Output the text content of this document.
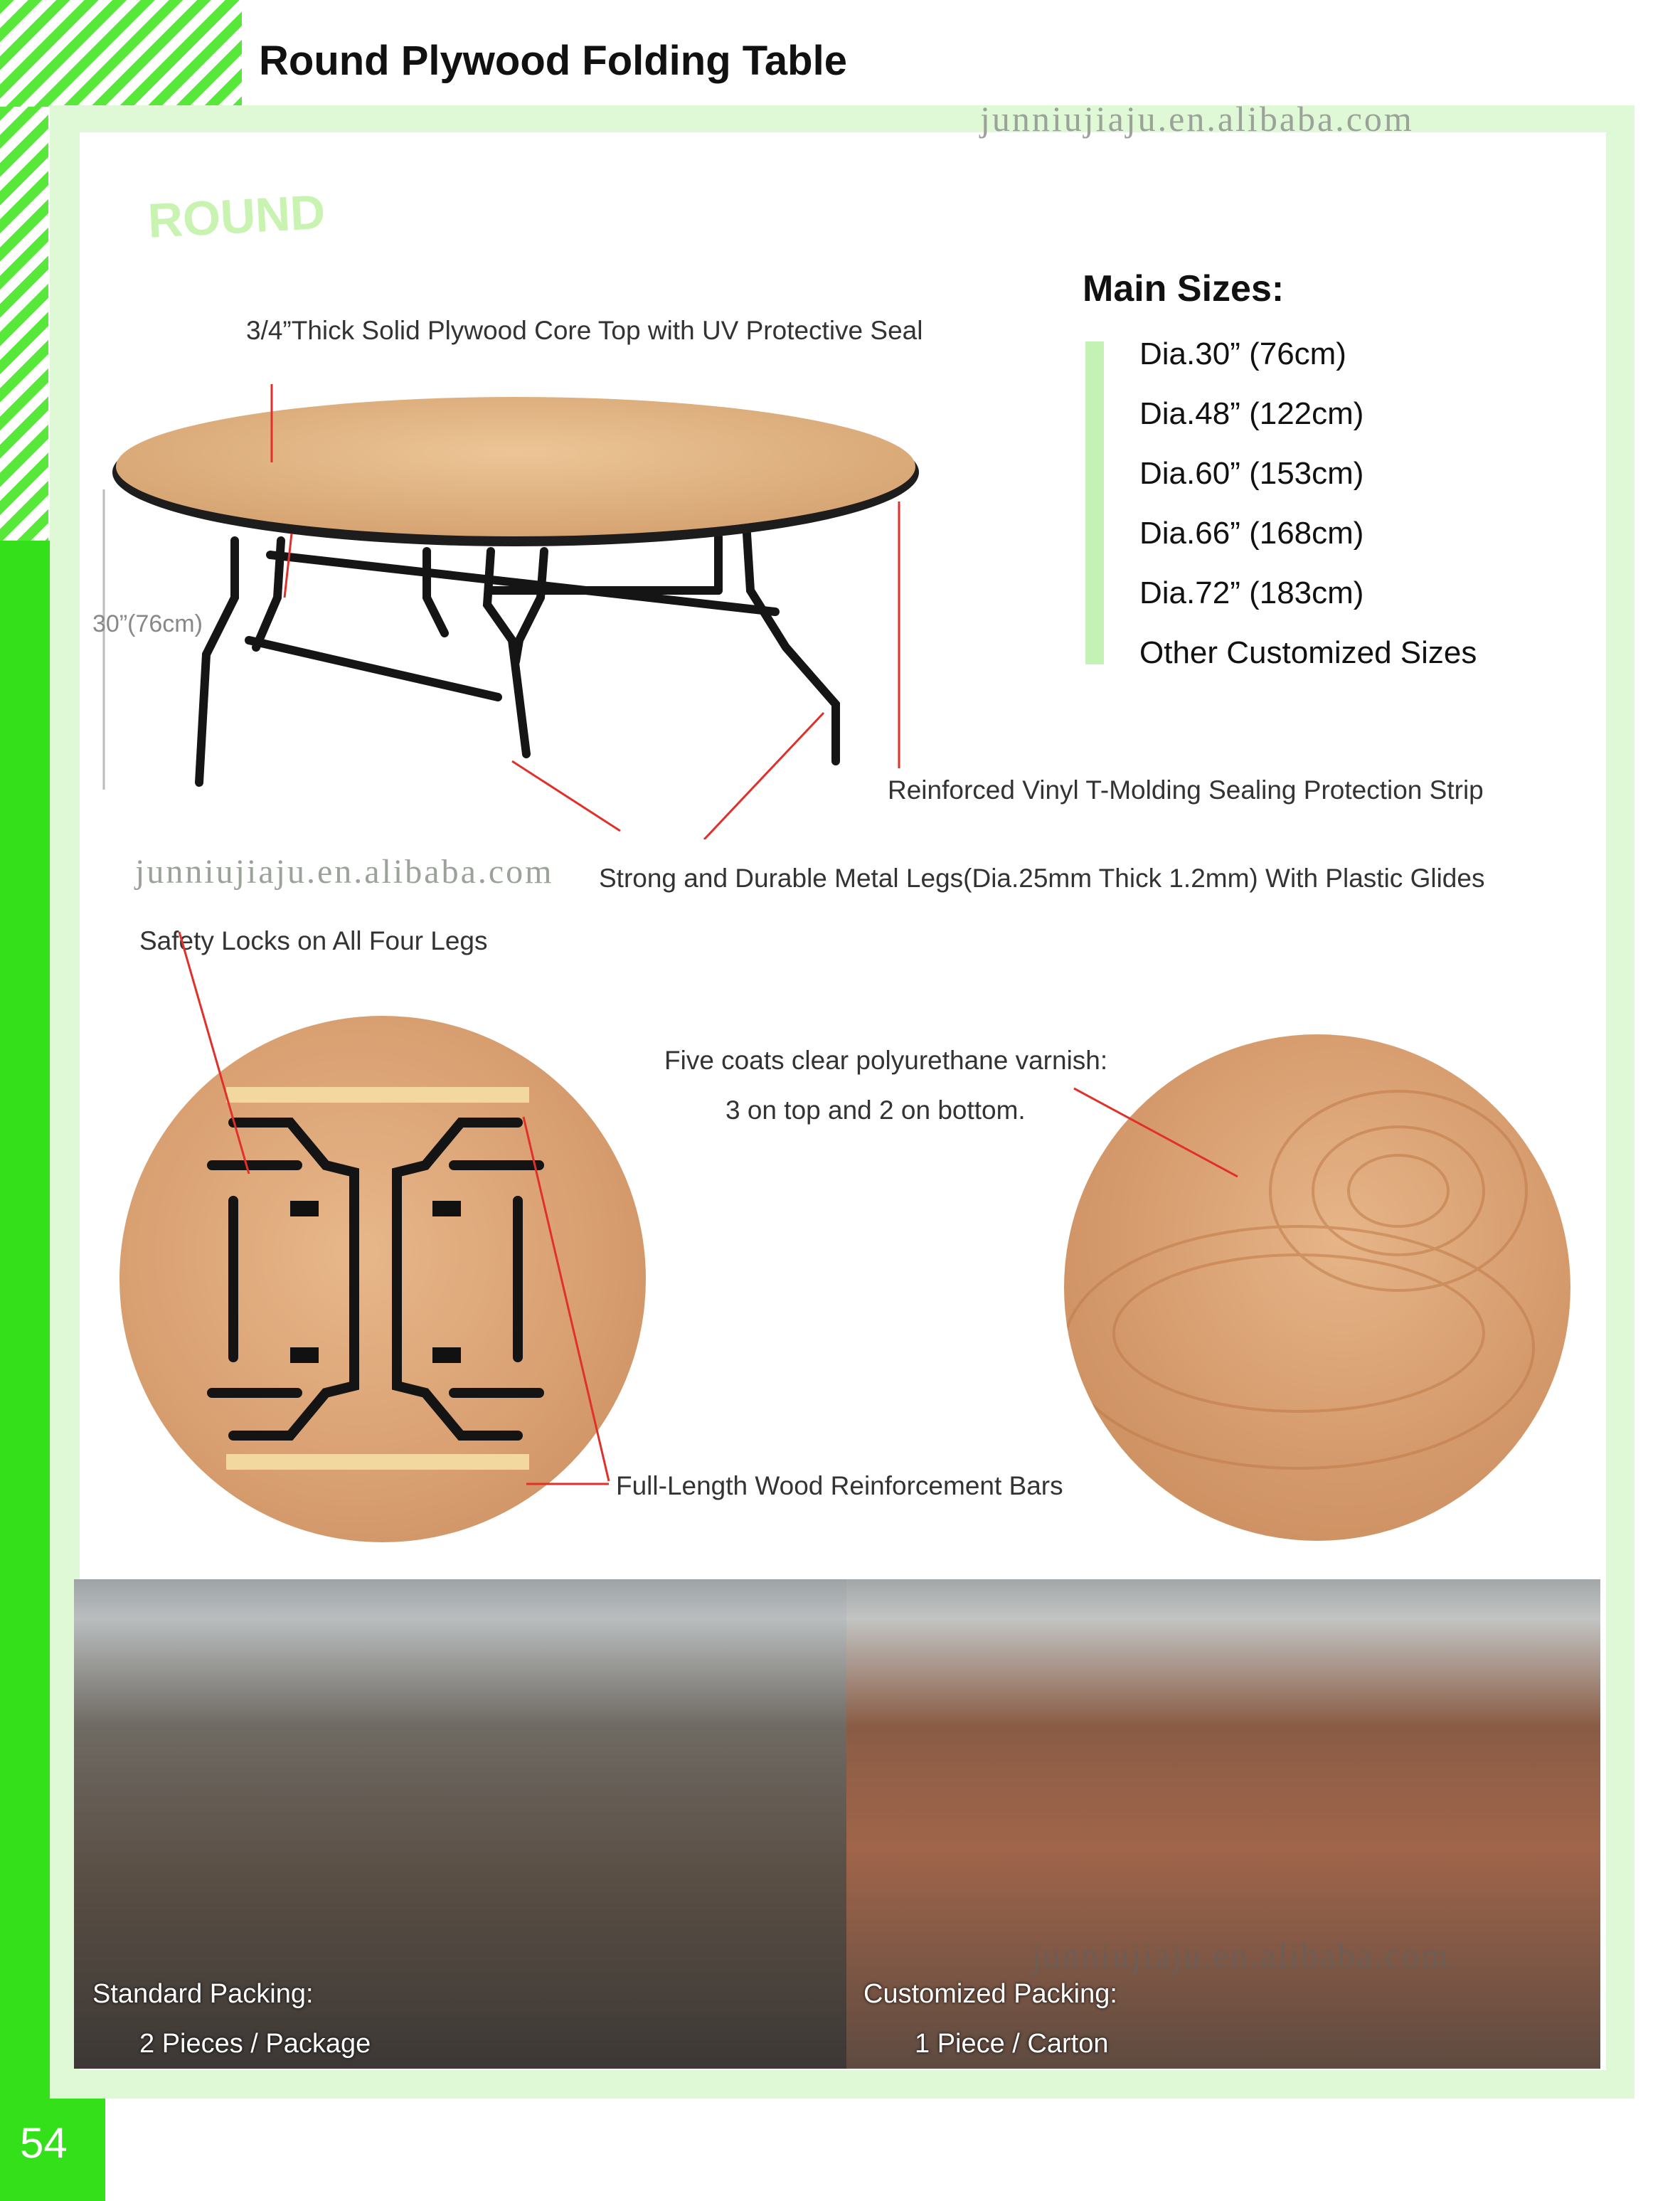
54
Round Plywood Folding Table
junniujiaju.en.alibaba.com
ROUND
Main Sizes:
Dia.30” (76cm)
Dia.48” (122cm)
Dia.60” (153cm)
Dia.66” (168cm)
Dia.72” (183cm)
Other Customized Sizes
30”(76cm)
3/4”Thick Solid Plywood Core Top with UV Protective Seal
Reinforced Vinyl T-Molding Sealing Protection Strip
junniujiaju.en.alibaba.com Strong and Durable Metal Legs(Dia.25mm Thick 1.2mm) With Plastic Glides
Safety Locks on All Four Legs
Five coats clear polyurethane varnish:
3 on top and 2 on bottom.
Full-Length Wood Reinforcement Bars
Standard Packing:
2 Pieces / Package
Customized Packing:
1 Piece / Carton
junniujiaju.en.alibaba.com
